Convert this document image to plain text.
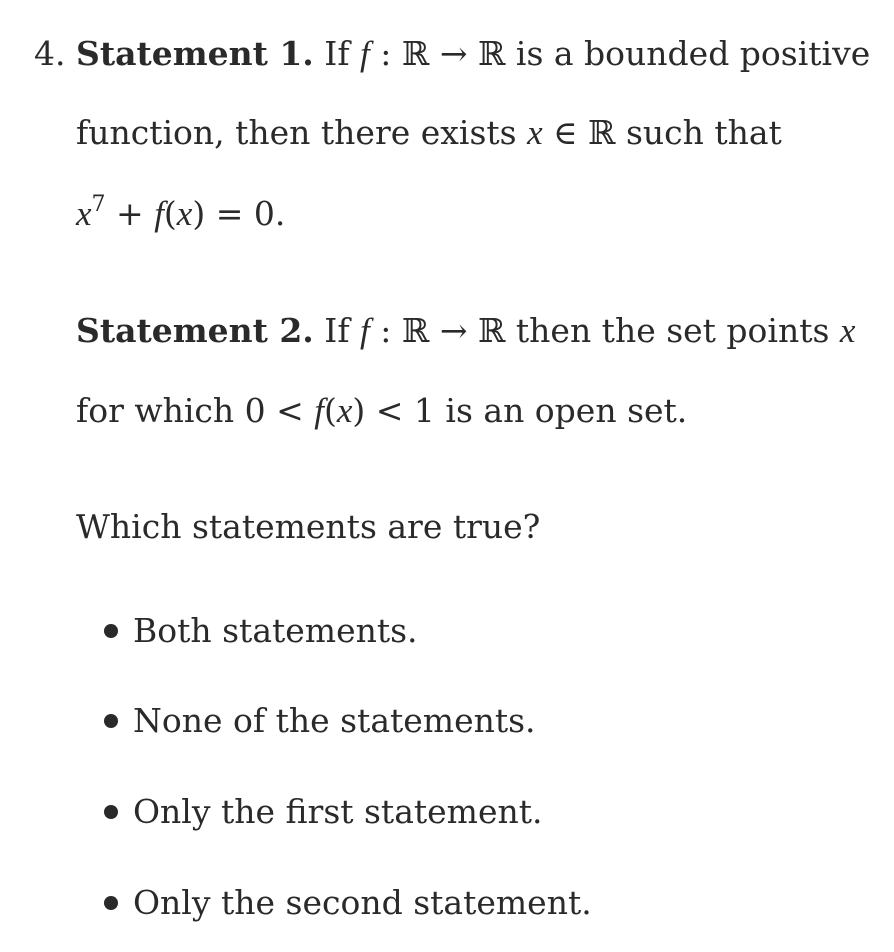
4. Statement 1. If f : ℝ → ℝ is a bounded positive
function, then there exists x ∈ ℝ such that
$x^7 + f(x) = 0$.
Statement 2. If f : ℝ → ℝ then the set points x
for which 0 < f(x) < 1 is an open set.
Which statements are true?
Both statements.
None of the statements.
Only the first statement.
Only the second statement.
